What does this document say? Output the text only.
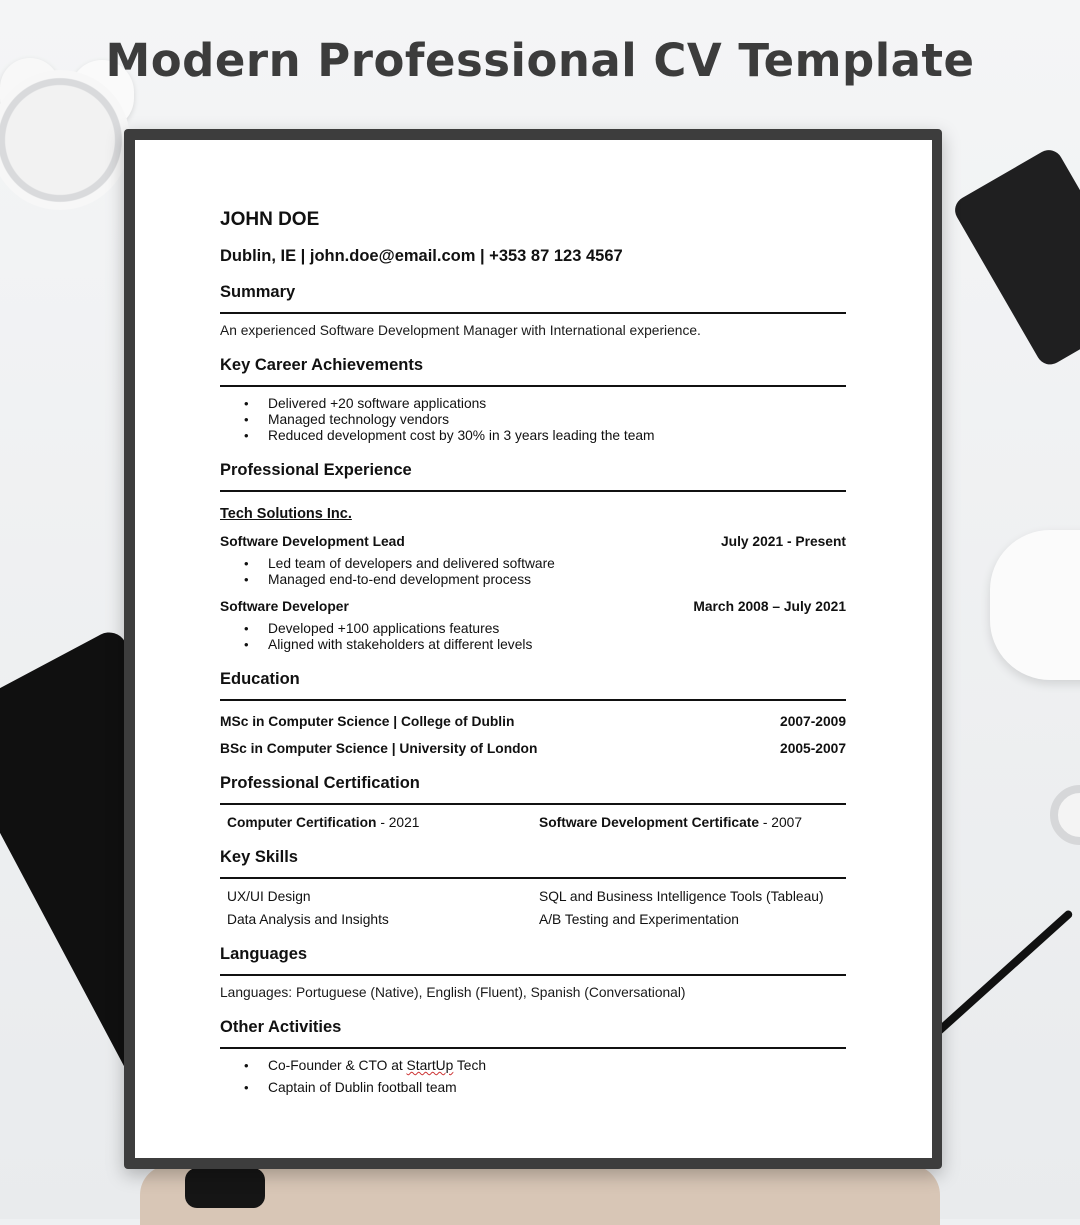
Modern Professional CV Template
JOHN DOE
Dublin, IE | john.doe@email.com | +353 87 123 4567
Summary
An experienced Software Development Manager with International experience.
Key Career Achievements
• Delivered +20 software applications
• Managed technology vendors
• Reduced development cost by 30% in 3 years leading the team
Professional Experience
Tech Solutions Inc.
Software Development Lead	July 2021 - Present
• Led team of developers and delivered software
• Managed end-to-end development process
Software Developer	March 2008 – July 2021
• Developed +100 applications features
• Aligned with stakeholders at different levels
Education
MSc in Computer Science | College of Dublin	2007-2009
BSc in Computer Science | University of London	2005-2007
Professional Certification
Computer Certification - 2021	Software Development Certificate - 2007
Key Skills
UX/UI Design	SQL and Business Intelligence Tools (Tableau)
Data Analysis and Insights	A/B Testing and Experimentation
Languages
Languages: Portuguese (Native), English (Fluent), Spanish (Conversational)
Other Activities
• Co-Founder & CTO at StartUp Tech
• Captain of Dublin football team
